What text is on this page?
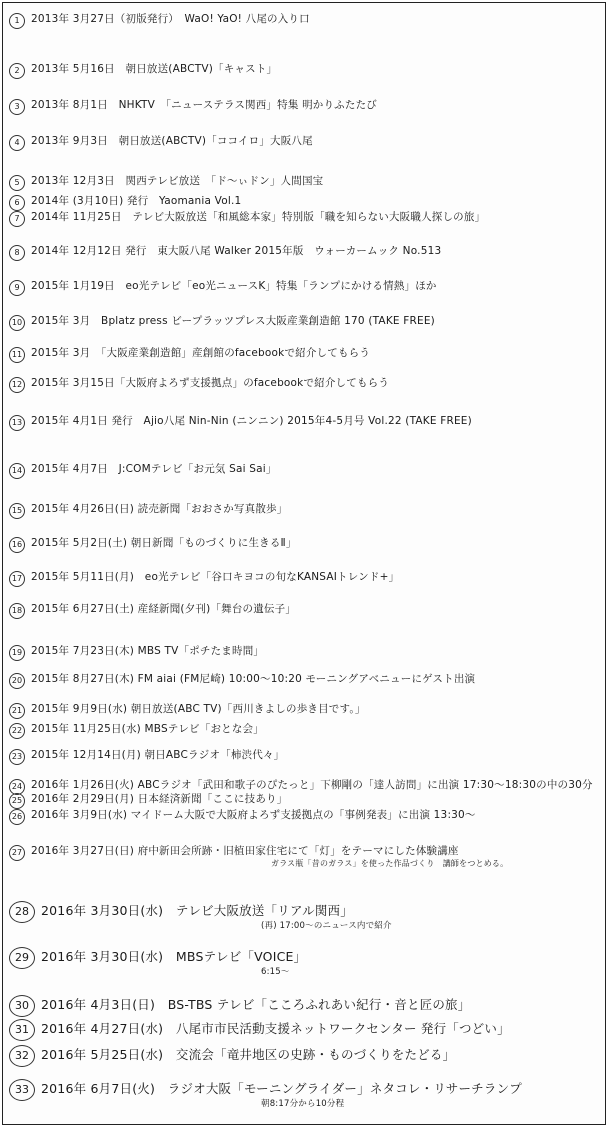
1	2013年 3月27日（初版発行）　WaO! YaO! 八尾の入り口
2	2013年 5月16日　朝日放送(ABCTV)「キャスト」
3	2013年 8月1日　NHKTV　「ニューステラス関西」特集 明かりふたたび
4	2013年 9月3日　朝日放送(ABCTV)「ココイロ」大阪八尾
5	2013年 12月3日　関西テレビ放送　「ド〜ぃドン」人間国宝
6	2014年 (3月10日) 発行　Yaomania Vol.1
7	2014年 11月25日　テレビ大阪放送「和風総本家」特別版「職を知らない大阪職人探しの旅」
8	2014年 12月12日 発行　東大阪八尾 Walker 2015年版　ウォーカームック No.513
9	2015年 1月19日　eo光テレビ「eo光ニュースK」特集「ランプにかける情熱」ほか
10 2015年 3月　Bplatz press ビープラッツプレス大阪産業創造館 170 (TAKE FREE)
11 2015年 3月　「大阪産業創造館」産創館のfacebookで紹介してもらう
12 2015年 3月15日「大阪府よろず支援拠点」のfacebookで紹介してもらう
13 2015年 4月1日 発行　Ajio八尾 Nin-Nin (ニンニン) 2015年4-5月号 Vol.22 (TAKE FREE)
14 2015年 4月7日　J:COMテレビ「お元気 Sai Sai」
15 2015年 4月26日(日) 読売新聞「おおさか写真散歩」
16 2015年 5月2日(土) 朝日新聞「ものづくりに生きるⅡ」
17 2015年 5月11日(月)　eo光テレビ「谷口キヨコの旬なKANSAIトレンド+」
18 2015年 6月27日(土) 産経新聞(夕刊)「舞台の遺伝子」
19 2015年 7月23日(木) MBS TV「ポチたま時間」
20 2015年 8月27日(木) FM aiai (FM尼崎) 10:00〜10:20 モーニングアベニューにゲスト出演
21 2015年 9月9日(水) 朝日放送(ABC TV)「西川きよしの歩き目です。」
22 2015年 11月25日(水) MBSテレビ「おとな会」
23 2015年 12月14日(月) 朝日ABCラジオ「柿渋代々」
24 2016年 1月26日(火) ABCラジオ「武田和歌子のぴたっと」下柳剛の「達人訪問」に出演 17:30〜18:30の中の30分
25 2016年 2月29日(月) 日本経済新聞「ここに技あり」
26 2016年 3月9日(水) マイドーム大阪で大阪府よろず支援拠点の「事例発表」に出演 13:30〜
27 2016年 3月27日(日) 府中新田会所跡・旧植田家住宅にて「灯」をテーマにした体験講座
ガラス瓶「昔のガラス」を使った作品づくり　講師をつとめる。
28 2016年 3月30日(水)　テレビ大阪放送「リアル関西」
(再) 17:00〜のニュース内で紹介
29 2016年 3月30日(水)　MBSテレビ「VOICE」
6:15〜
30 2016年 4月3日(日)　BS-TBS テレビ「こころふれあい紀行・音と匠の旅」
31 2016年 4月27日(水)　八尾市市民活動支援ネットワークセンター 発行「つどい」
32 2016年 5月25日(水)　交流会「竜井地区の史跡・ものづくりをたどる」
33 2016年 6月7日(火)　ラジオ大阪「モーニングライダー」ネタコレ・リサーチランプ
朝8:17分から10分程
